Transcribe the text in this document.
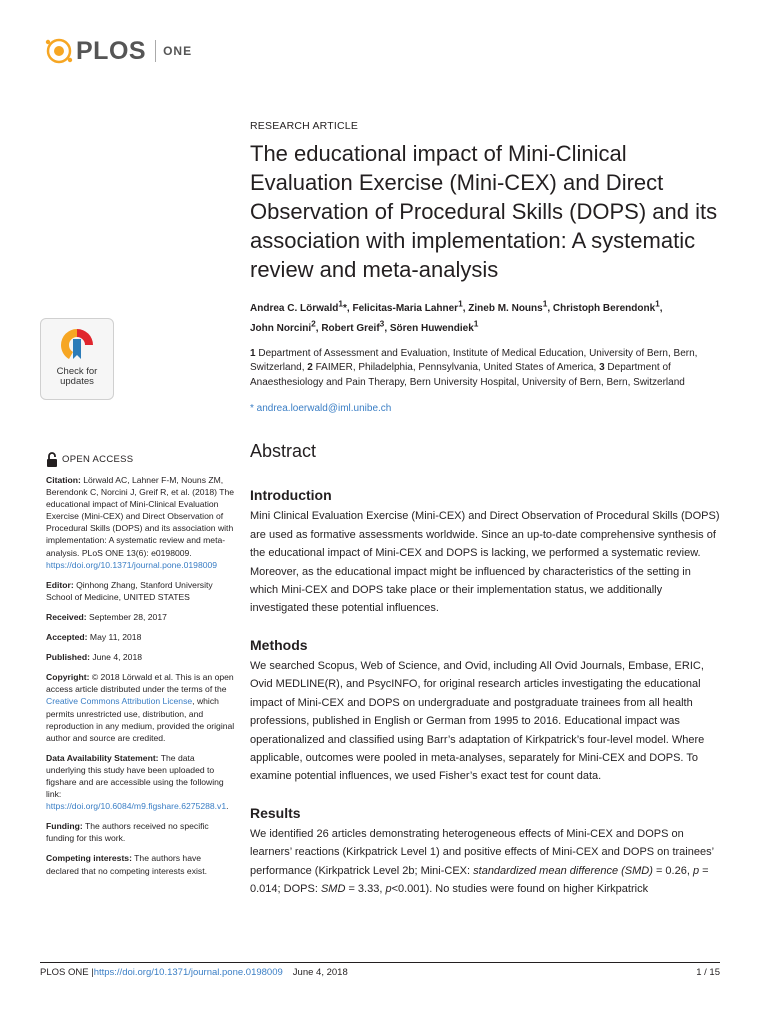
PLOS ONE
RESEARCH ARTICLE
The educational impact of Mini-Clinical Evaluation Exercise (Mini-CEX) and Direct Observation of Procedural Skills (DOPS) and its association with implementation: A systematic review and meta-analysis
Andrea C. Lörwald$^1$*, Felicitas-Maria Lahner$^1$, Zineb M. Nouns$^1$, Christoph Berendonk$^1$,
John Norcini$^2$, Robert Greif$^3$, Sören Huwendiek$^1$
1 Department of Assessment and Evaluation, Institute of Medical Education, University of Bern, Bern, Switzerland, 2 FAIMER, Philadelphia, Pennsylvania, United States of America, 3 Department of Anaesthesiology and Pain Therapy, Bern University Hospital, University of Bern, Bern, Switzerland
* andrea.loerwald@iml.unibe.ch
Abstract
Introduction
Mini Clinical Evaluation Exercise (Mini-CEX) and Direct Observation of Procedural Skills (DOPS) are used as formative assessments worldwide. Since an up-to-date comprehensive synthesis of the educational impact of Mini-CEX and DOPS is lacking, we performed a systematic review. Moreover, as the educational impact might be influenced by characteristics of the setting in which Mini-CEX and DOPS take place or their implementation status, we additionally investigated these potential influences.
Methods
We searched Scopus, Web of Science, and Ovid, including All Ovid Journals, Embase, ERIC, Ovid MEDLINE(R), and PsycINFO, for original research articles investigating the educational impact of Mini-CEX and DOPS on undergraduate and postgraduate trainees from all health professions, published in English or German from 1995 to 2016. Educational impact was operationalized and classified using Barr’s adaptation of Kirkpatrick’s four-level model. Where applicable, outcomes were pooled in meta-analyses, separately for Mini-CEX and DOPS. To examine potential influences, we used Fisher’s exact test for count data.
Results
We identified 26 articles demonstrating heterogeneous effects of Mini-CEX and DOPS on learners’ reactions (Kirkpatrick Level 1) and positive effects of Mini-CEX and DOPS on trainees’ performance (Kirkpatrick Level 2b; Mini-CEX: standardized mean difference (SMD) = 0.26, p = 0.014; DOPS: SMD = 3.33, p<0.001). No studies were found on higher Kirkpatrick
Check for updates
OPEN ACCESS

Citation: Lörwald AC, Lahner F-M, Nouns ZM, Berendonk C, Norcini J, Greif R, et al. (2018) The educational impact of Mini-Clinical Evaluation Exercise (Mini-CEX) and Direct Observation of Procedural Skills (DOPS) and its association with implementation: A systematic review and meta-analysis. PLoS ONE 13(6): e0198009. https://doi.org/10.1371/journal.pone.0198009

Editor: Qinhong Zhang, Stanford University School of Medicine, UNITED STATES

Received: September 28, 2017

Accepted: May 11, 2018

Published: June 4, 2018

Copyright: © 2018 Lörwald et al. This is an open access article distributed under the terms of the Creative Commons Attribution License, which permits unrestricted use, distribution, and reproduction in any medium, provided the original author and source are credited.

Data Availability Statement: The data underlying this study have been uploaded to figshare and are accessible using the following link: https://doi.org/10.6084/m9.figshare.6275288.v1.

Funding: The authors received no specific funding for this work.

Competing interests: The authors have declared that no competing interests exist.

PLOS ONE | https://doi.org/10.1371/journal.pone.0198009 June 4, 2018	1 / 15
